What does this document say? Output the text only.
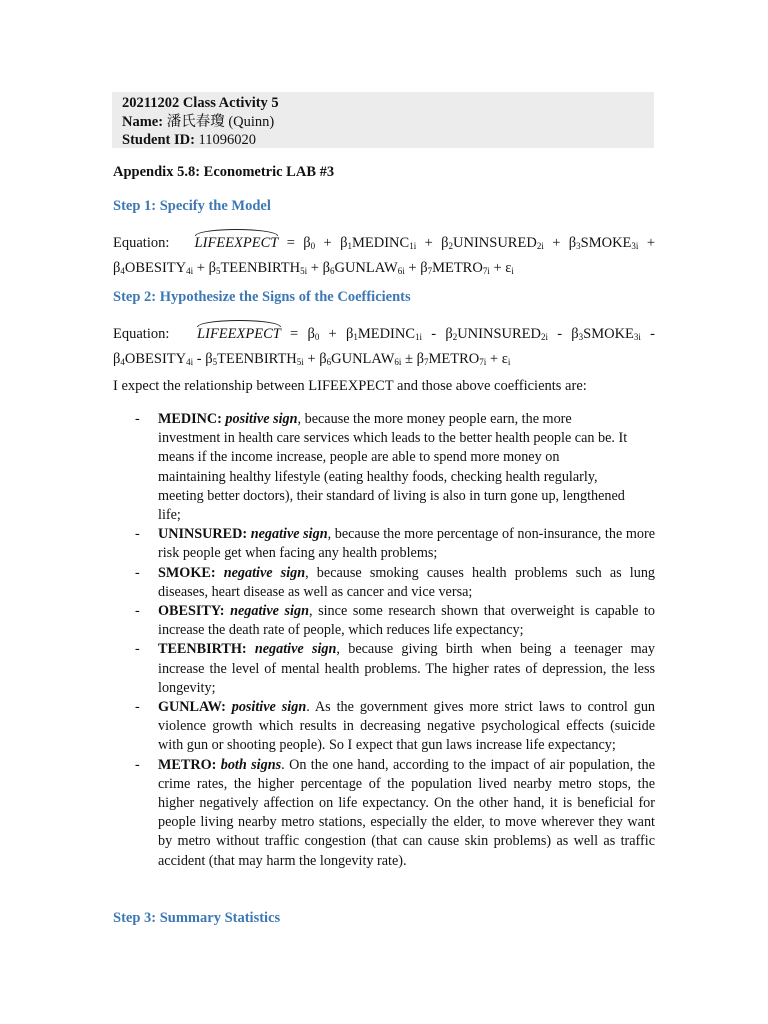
20211202 Class Activity 5
Name: 潘氏春瓊 (Quinn)
Student ID: 11096020
Appendix 5.8: Econometric LAB #3
Step 1: Specify the Model
Equation: LIFEEXPECT = $\beta_0$ + $\beta_1MEDINC_{1i}$ + $\beta_2UNINSURED_{2i}$ + $\beta_3SMOKE_{3i}$ +
$\beta_4OBESITY_{4i}$ + $\beta_5TEENBIRTH_{5i}$ + $\beta_6GUNLAW_{6i}$ + $\beta_7METRO_{7i} + \varepsilon_i$
Step 2: Hypothesize the Signs of the Coefficients
Equation: LIFEEXPECT = $\beta_0$ + $\beta_1MEDINC_{1i}$ - $\beta_2UNINSURED_{2i}$ - $\beta_3SMOKE_{3i}$ -
$\beta_4OBESITY_{4i}$ - $\beta_5TEENBIRTH_{5i}$ + $\beta_6GUNLAW_{6i}$ ± $\beta_7METRO_{7i} + \varepsilon_i$
I expect the relationship between LIFEEXPECT and those above coefficients are:
- MEDINC: positive sign, because the more money people earn, the more investment in health care services which leads to the better health people can be. It means if the income increase, people are able to spend more money on maintaining healthy lifestyle (eating healthy foods, checking health regularly, meeting better doctors), their standard of living is also in turn gone up, lengthened life;
- UNINSURED: negative sign, because the more percentage of non-insurance, the more risk people get when facing any health problems;
- SMOKE: negative sign, because smoking causes health problems such as lung diseases, heart disease as well as cancer and vice versa;
- OBESITY: negative sign, since some research shown that overweight is capable to increase the death rate of people, which reduces life expectancy;
- TEENBIRTH: negative sign, because giving birth when being a teenager may increase the level of mental health problems. The higher rates of depression, the less longevity;
- GUNLAW: positive sign. As the government gives more strict laws to control gun violence growth which results in decreasing negative psychological effects (suicide with gun or shooting people). So I expect that gun laws increase life expectancy;
- METRO: both signs. On the one hand, according to the impact of air population, the crime rates, the higher percentage of the population lived nearby metro stops, the higher negatively affection on life expectancy. On the other hand, it is beneficial for people living nearby metro stations, especially the elder, to move wherever they want by metro without traffic congestion (that can cause skin problems) as well as traffic accident (that may harm the longevity rate).
Step 3: Summary Statistics
